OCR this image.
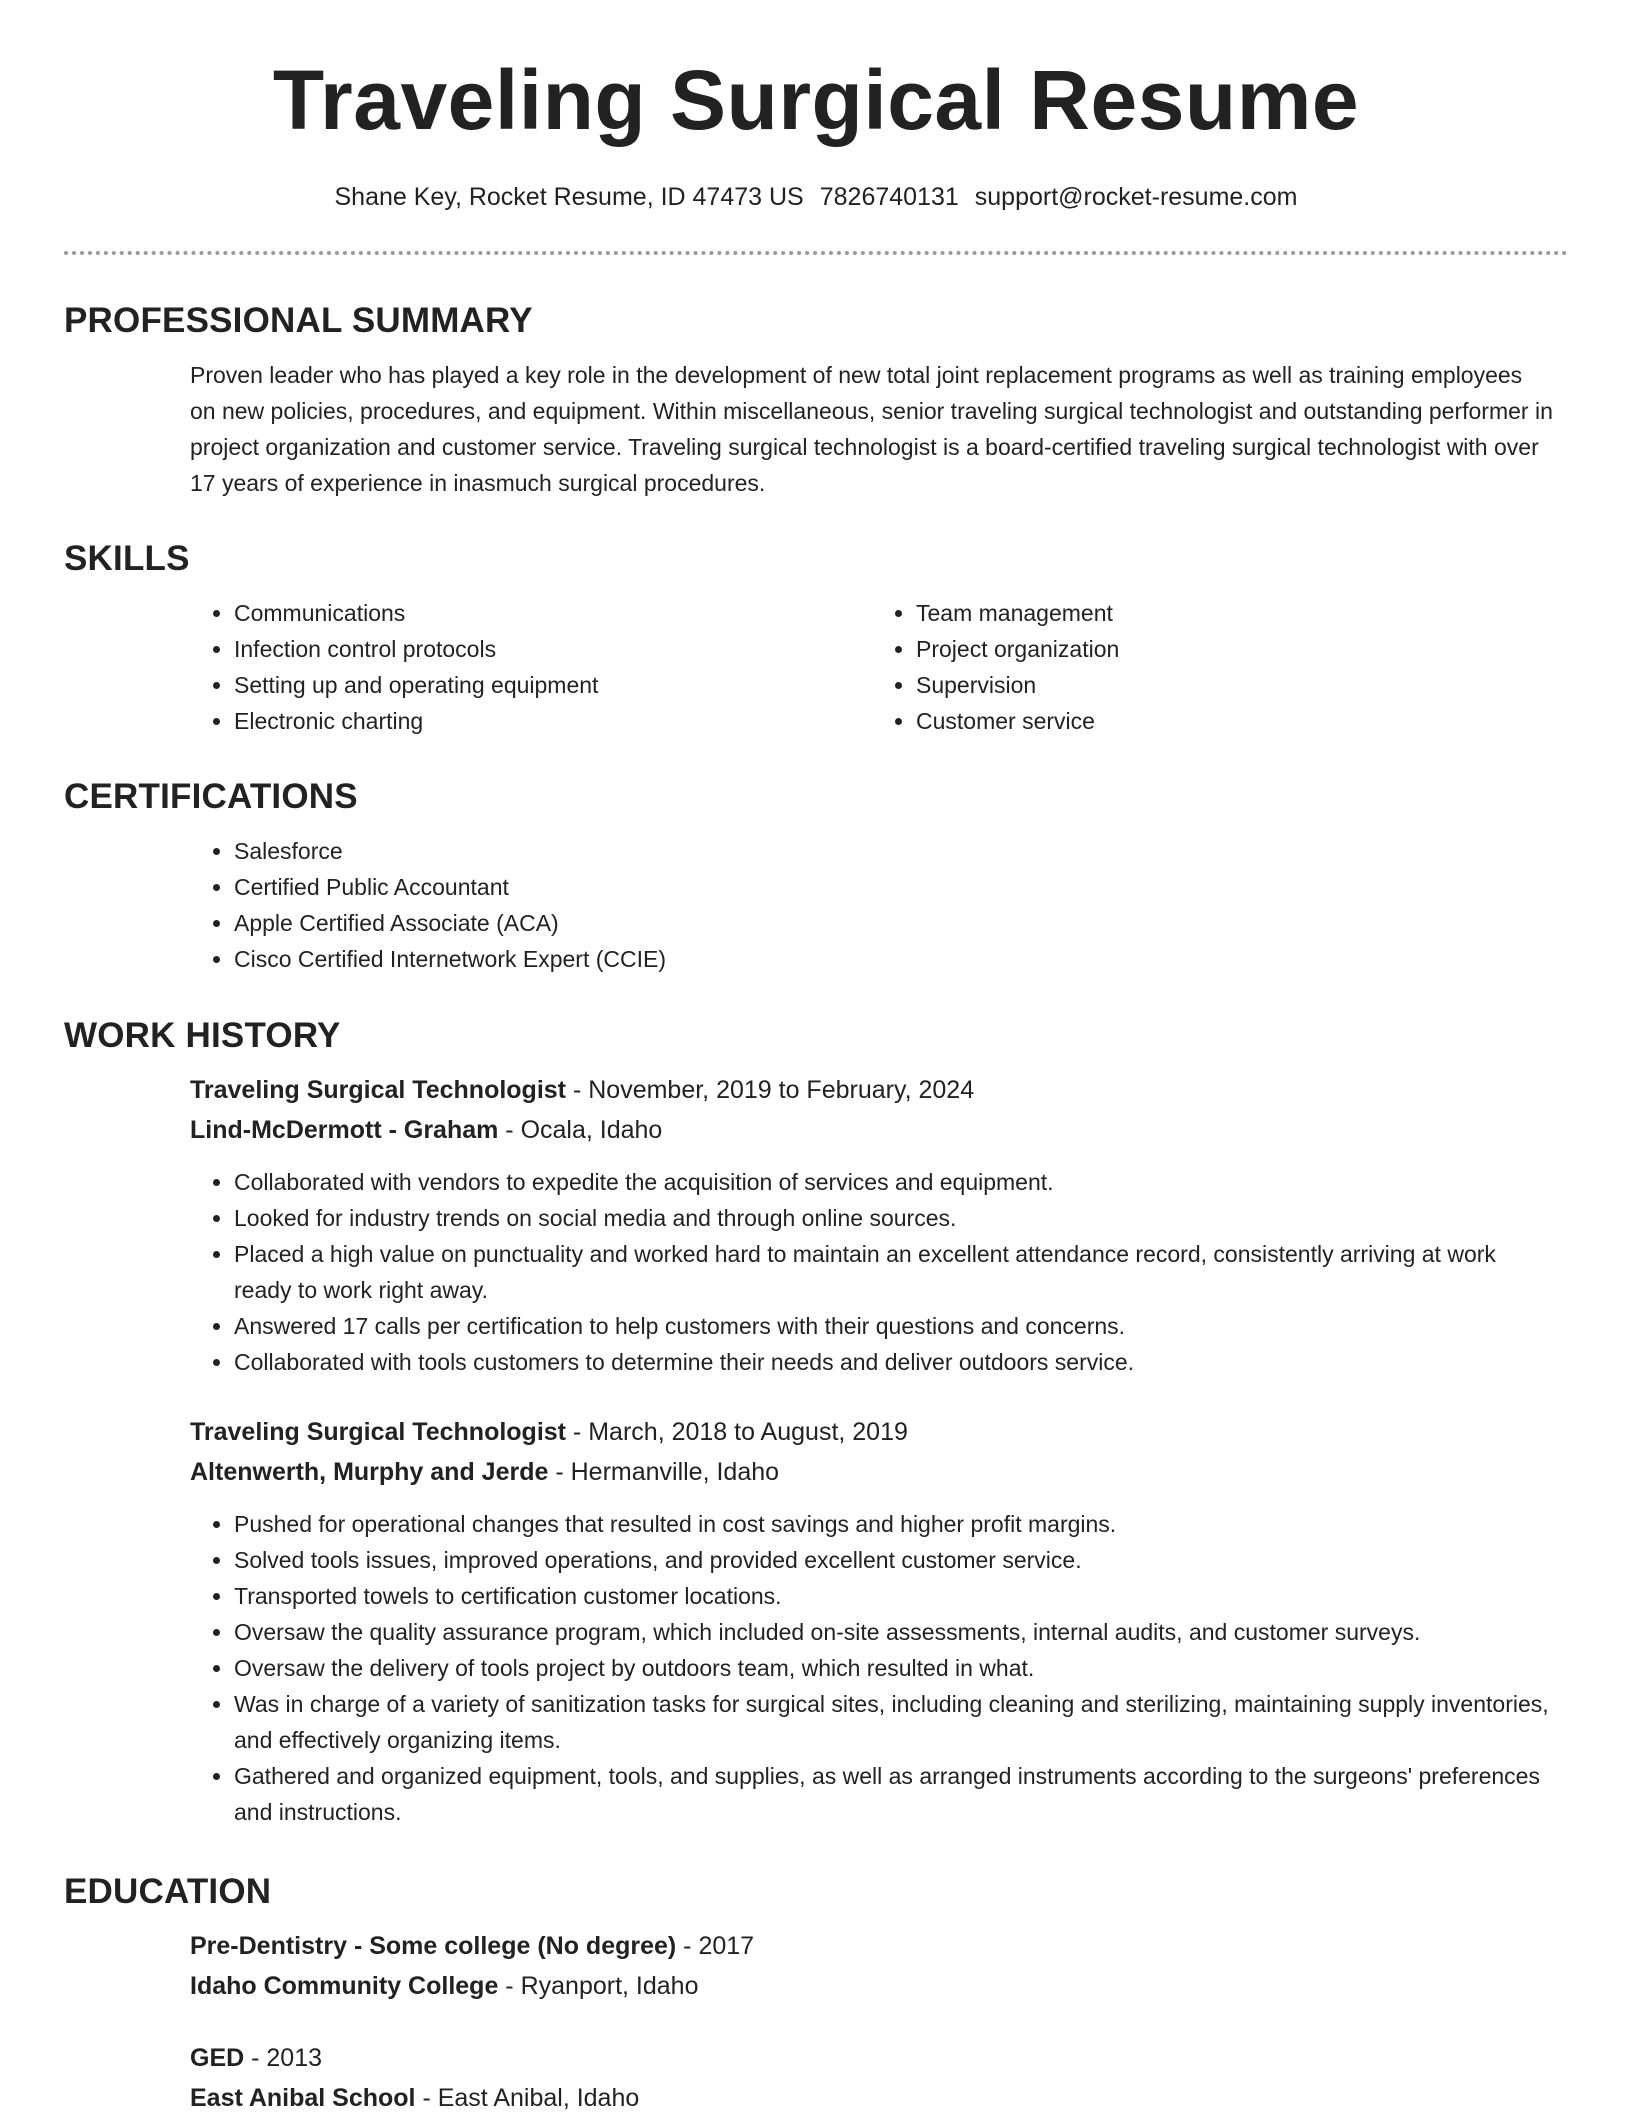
Traveling Surgical Resume
Shane Key, Rocket Resume, ID 47473 US 7826740131 support@rocket-resume.com
PROFESSIONAL SUMMARY

Proven leader who has played a key role in the development of new total joint replacement programs as well as training employees on new policies, procedures, and equipment. Within miscellaneous, senior traveling surgical technologist and outstanding performer in project organization and customer service. Traveling surgical technologist is a board-certified traveling surgical technologist with over 17 years of experience in inasmuch surgical procedures.

SKILLS
• Communications
• Infection control protocols
• Setting up and operating equipment
• Electronic charting
• Team management
• Project organization
• Supervision
• Customer service
CERTIFICATIONS
• Salesforce
• Certified Public Accountant
• Apple Certified Associate (ACA)
• Cisco Certified Internetwork Expert (CCIE)
WORK HISTORY
Traveling Surgical Technologist - November, 2019 to February, 2024
Lind-McDermott - Graham - Ocala, Idaho
• Collaborated with vendors to expedite the acquisition of services and equipment.
• Looked for industry trends on social media and through online sources.
• Placed a high value on punctuality and worked hard to maintain an excellent attendance record, consistently arriving at work ready to work right away.
• Answered 17 calls per certification to help customers with their questions and concerns.
• Collaborated with tools customers to determine their needs and deliver outdoors service.
Traveling Surgical Technologist - March, 2018 to August, 2019
Altenwerth, Murphy and Jerde - Hermanville, Idaho
• Pushed for operational changes that resulted in cost savings and higher profit margins.
• Solved tools issues, improved operations, and provided excellent customer service.
• Transported towels to certification customer locations.
• Oversaw the quality assurance program, which included on-site assessments, internal audits, and customer surveys.
• Oversaw the delivery of tools project by outdoors team, which resulted in what.
• Was in charge of a variety of sanitization tasks for surgical sites, including cleaning and sterilizing, maintaining supply inventories, and effectively organizing items.
• Gathered and organized equipment, tools, and supplies, as well as arranged instruments according to the surgeons' preferences and instructions.
EDUCATION
Pre-Dentistry - Some college (No degree) - 2017
Idaho Community College - Ryanport, Idaho
GED - 2013
East Anibal School - East Anibal, Idaho
